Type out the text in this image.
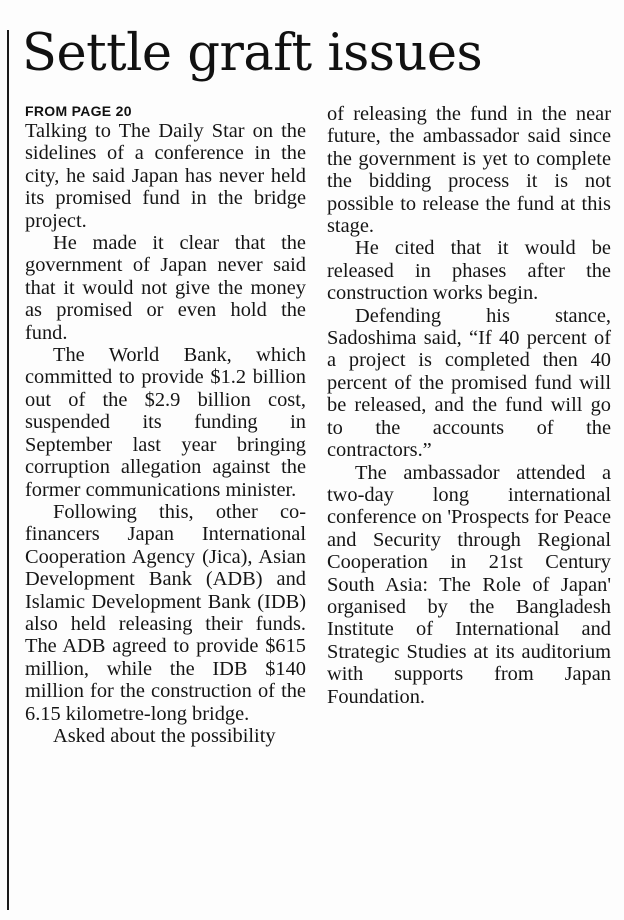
Settle graft issues
FROM PAGE 20

Talking to The Daily Star on the sidelines of a conference in the city, he said Japan has never held its promised fund in the bridge project.

He made it clear that the government of Japan never said that it would not give the money as promised or even hold the fund.

The World Bank, which committed to provide $1.2 billion out of the $2.9 billion cost, suspended its funding in September last year bringing corruption allegation against the former communications minister.

Following this, other co-financers Japan International Cooperation Agency (Jica), Asian Development Bank (ADB) and Islamic Development Bank (IDB) also held releasing their funds. The ADB agreed to provide $615 million, while the IDB $140 million for the construction of the 6.15 kilometre-long bridge.

Asked about the possibility

of releasing the fund in the near future, the ambassador said since the government is yet to complete the bidding process it is not possible to release the fund at this stage.

He cited that it would be released in phases after the construction works begin.

Defending his stance, Sadoshima said, “If 40 percent of a project is completed then 40 percent of the promised fund will be released, and the fund will go to the accounts of the contractors.”

The ambassador attended a two-day long international conference on 'Prospects for Peace and Security through Regional Cooperation in 21st Century South Asia: The Role of Japan' organised by the Bangladesh Institute of International and Strategic Studies at its auditorium with supports from Japan Foundation.
